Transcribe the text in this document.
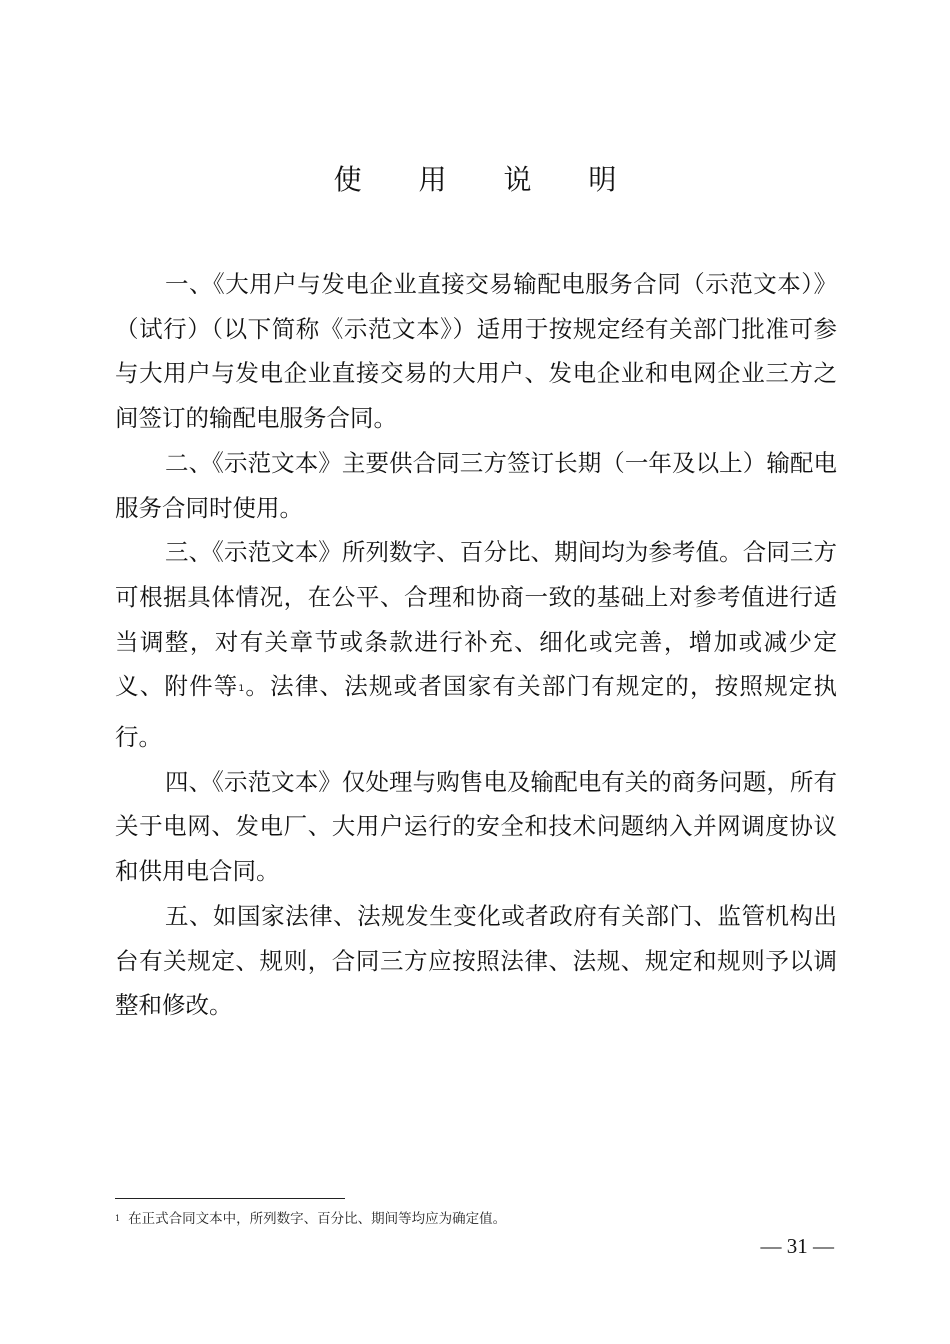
使 用 说 明

一、《大用户与发电企业直接交易输配电服务合同（示范文本）》（试行）（以下简称《示范文本》）适用于按规定经有关部门批准可参与大用户与发电企业直接交易的大用户、发电企业和电网企业三方之间签订的输配电服务合同。

二、《示范文本》主要供合同三方签订长期（一年及以上）输配电服务合同时使用。

三、《示范文本》所列数字、百分比、期间均为参考值。合同三方可根据具体情况，在公平、合理和协商一致的基础上对参考值进行适当调整，对有关章节或条款进行补充、细化或完善，增加或减少定义、附件等$^1$。法律、法规或者国家有关部门有规定的，按照规定执行。

四、《示范文本》仅处理与购售电及输配电有关的商务问题，所有关于电网、发电厂、大用户运行的安全和技术问题纳入并网调度协议和供用电合同。

五、如国家法律、法规发生变化或者政府有关部门、监管机构出台有关规定、规则，合同三方应按照法律、法规、规定和规则予以调整和修改。

1 在正式合同文本中，所列数字、百分比、期间等均应为确定值。
— 31 —
